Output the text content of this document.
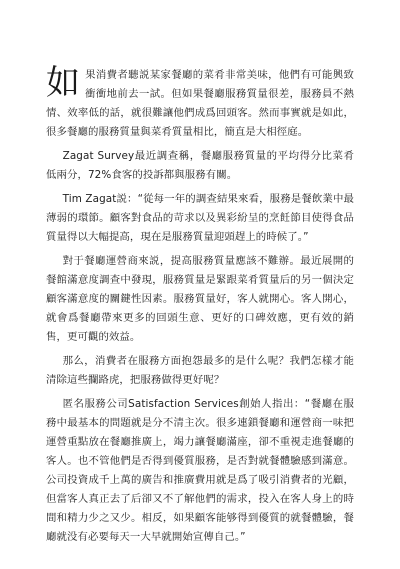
如果消費者聽説某家餐廳的菜肴非常美味，他們有可能興致衝衝地前去一試。但如果餐廳服務質量很差，服務員不熱情、效率低的話，就很難讓他們成爲回頭客。然而事實就是如此，很多餐廳的服務質量與菜肴質量相比，簡直是大相徑庭。

Zagat Survey最近調查稱，餐廳服務質量的平均得分比菜肴低兩分，72%食客的投訴都與服務有關。

Tim Zagat説：“從每一年的調查結果來看，服務是餐飲業中最薄弱的環節。顧客對食品的苛求以及異彩紛呈的烹飪節目使得食品質量得以大幅提高，現在是服務質量迎頭趕上的時候了。”

對于餐廳運營商來説，提高服務質量應該不難辦。最近展開的餐館滿意度調查中發現，服務質量是緊跟菜肴質量后的另一個決定顧客滿意度的關鍵性因素。服務質量好，客人就開心。客人開心，就會爲餐廳帶來更多的回頭生意、更好的口碑效應，更有效的銷售，更可觀的效益。

那么，消費者在服務方面抱怨最多的是什么呢？我們怎樣才能清除這些攔路虎，把服務做得更好呢？

匿名服務公司Satisfaction Services創始人指出：“餐廳在服務中最基本的問題就是分不清主次。很多連鎖餐廳和運營商一味把運營重點放在餐廳推廣上，竭力讓餐廳滿座，卻不重視走進餐廳的客人。也不管他們是否得到優質服務，是否對就餐體驗感到滿意。公司投資成千上萬的廣告和推廣費用就是爲了吸引消費者的光顧，但當客人真正去了后卻又不了解他們的需求，投入在客人身上的時間和精力少之又少。相反，如果顧客能够得到優質的就餐體驗，餐廳就没有必要每天一大早就開始宣傳自己。”
